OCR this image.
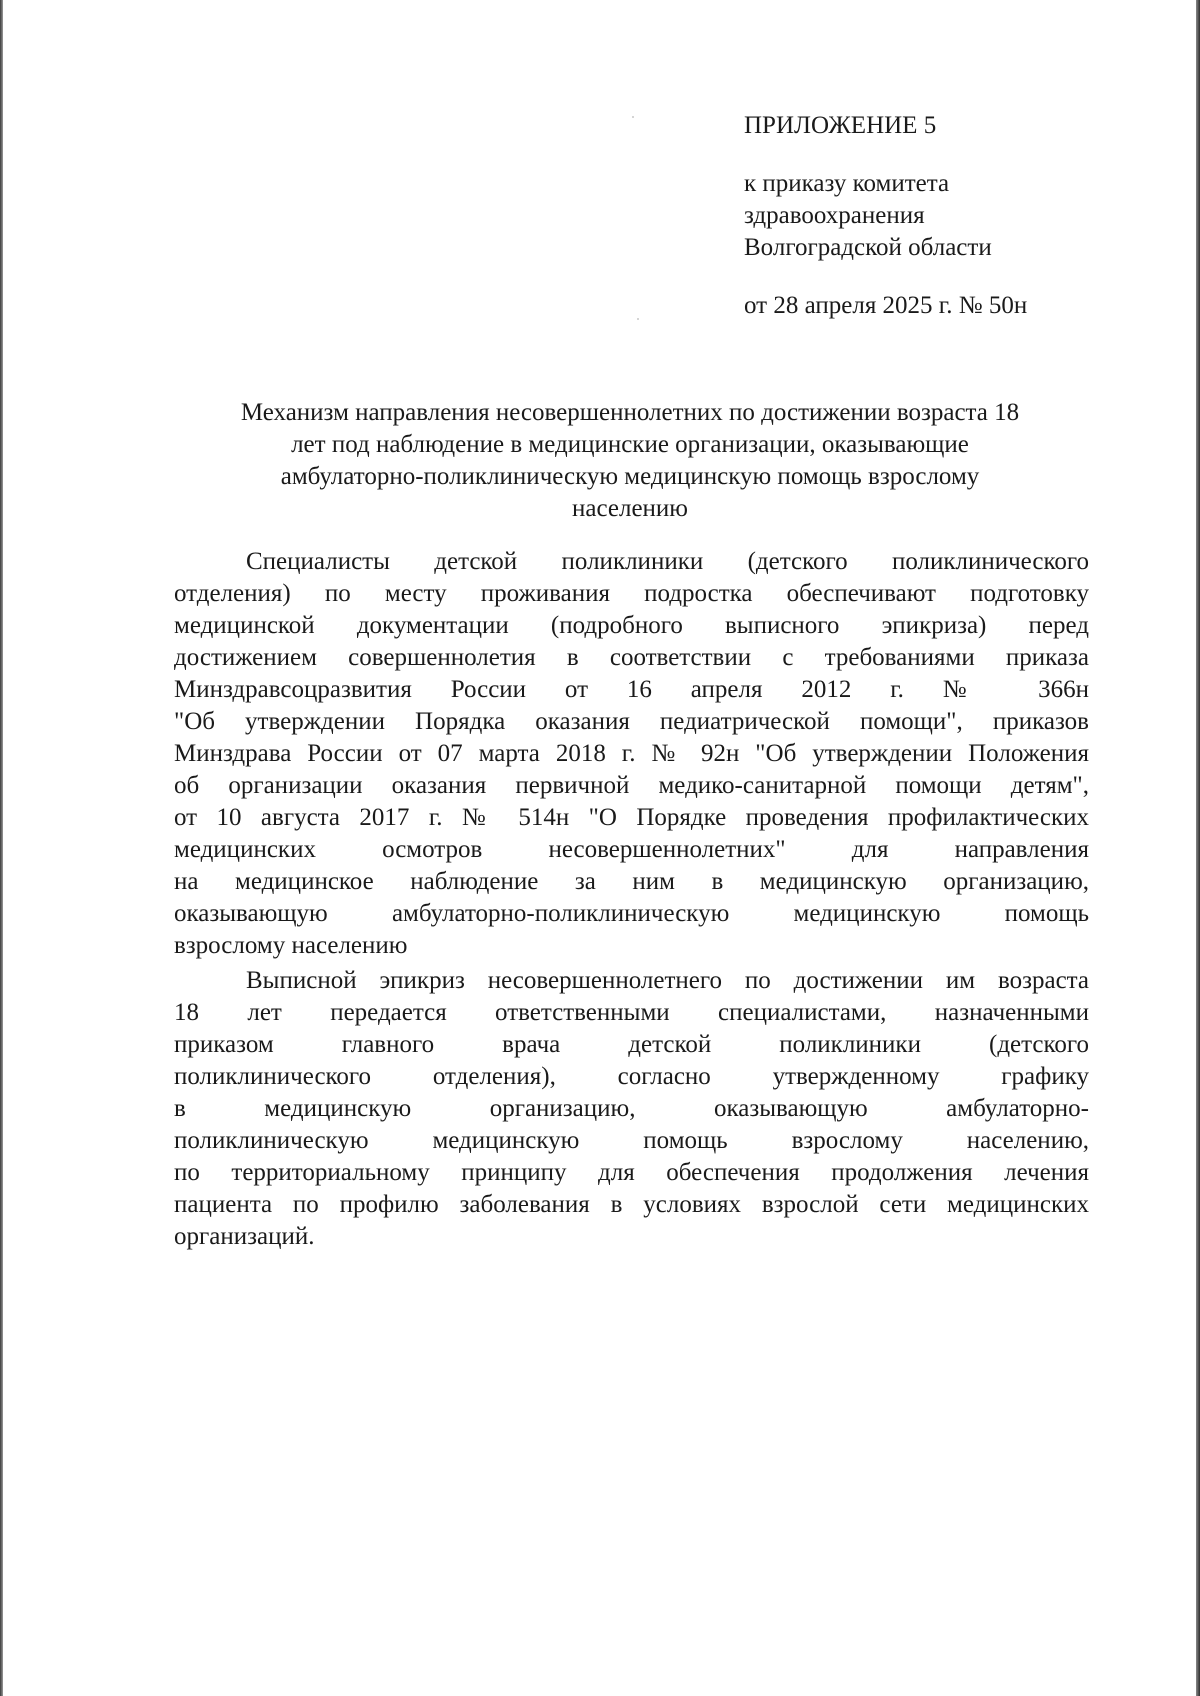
ПРИЛОЖЕНИЕ 5
к приказу комитета
здравоохранения
Волгоградской области
от 28 апреля 2025 г. № 50н
Механизм направления несовершеннолетних по достижении возраста 18
лет под наблюдение в медицинские организации, оказывающие
амбулаторно-поликлиническую медицинскую помощь взрослому
населению
Специалисты детской поликлиники (детского поликлинического
отделения) по месту проживания подростка обеспечивают подготовку
медицинской документации (подробного выписного эпикриза) перед
достижением совершеннолетия в соответствии с требованиями приказа
Минздравсоцразвития России от 16 апреля 2012 г. № 366н
"Об утверждении Порядка оказания педиатрической помощи", приказов
Минздрава России от 07 марта 2018 г. № 92н "Об утверждении Положения
об организации оказания первичной медико-санитарной помощи детям",
от 10 августа 2017 г. № 514н "О Порядке проведения профилактических
медицинских осмотров несовершеннолетних" для направления
на медицинское наблюдение за ним в медицинскую организацию,
оказывающую амбулаторно-поликлиническую медицинскую помощь
взрослому населению
Выписной эпикриз несовершеннолетнего по достижении им возраста
18 лет передается ответственными специалистами, назначенными
приказом главного врача детской поликлиники (детского
поликлинического отделения), согласно утвержденному графику
в медицинскую организацию, оказывающую амбулаторно-
поликлиническую медицинскую помощь взрослому населению,
по территориальному принципу для обеспечения продолжения лечения
пациента по профилю заболевания в условиях взрослой сети медицинских
организаций.
